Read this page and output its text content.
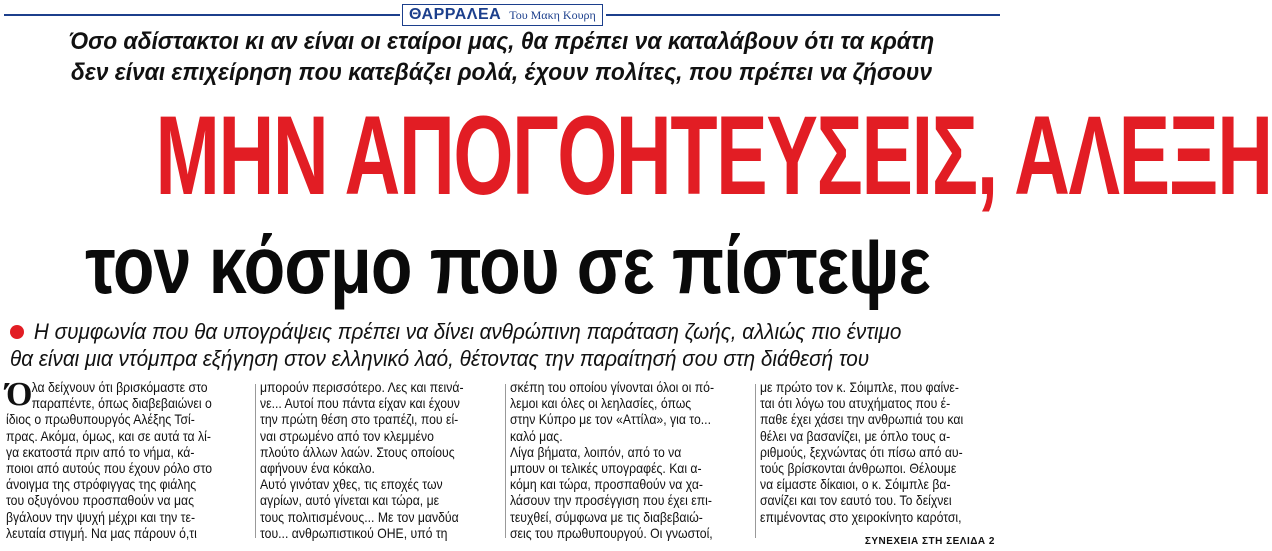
ΘΑΡΡΑΛΕΑ Του Μακη Κουρη
Όσο αδίστακτοι κι αν είναι οι εταίροι μας, θα πρέπει να καταλάβουν ότι τα κράτη
δεν είναι επιχείρηση που κατεβάζει ρολά, έχουν πολίτες, που πρέπει να ζήσουν
ΜΗΝ ΑΠΟΓΟΗΤΕΥΣΕΙΣ, ΑΛΕΞΗ
τον κόσμο που σε πίστεψε
Η συμφωνία που θα υπογράψεις πρέπει να δίνει ανθρώπινη παράταση ζωής, αλλιώς πιο έντιμο
θα είναι μια ντόμπρα εξήγηση στον ελληνικό λαό, θέτοντας την παραίτησή σου στη διάθεσή του
Ό λα δείχνουν ότι βρισκόμαστε στο
παραπέντε, όπως διαβεβαιώνει ο
ίδιος ο πρωθυπουργός Αλέξης Τσί-
πρας. Ακόμα, όμως, και σε αυτά τα λί-
γα εκατοστά πριν από το νήμα, κά-
ποιοι από αυτούς που έχουν ρόλο στο
άνοιγμα της στρόφιγγας της φιάλης
του οξυγόνου προσπαθούν να μας
βγάλουν την ψυχή μέχρι και την τε-
λευταία στιγμή. Να μας πάρουν ό,τι
μπορούν περισσότερο. Λες και πεινά-
νε... Αυτοί που πάντα είχαν και έχουν
την πρώτη θέση στο τραπέζι, που εί-
ναι στρωμένο από τον κλεμμένο
πλούτο άλλων λαών. Στους οποίους
αφήνουν ένα κόκαλο.
Αυτό γινόταν χθες, τις εποχές των
αγρίων, αυτό γίνεται και τώρα, με
τους πολιτισμένους... Με τον μανδύα
του... ανθρωπιστικού ΟΗΕ, υπό τη
σκέπη του οποίου γίνονται όλοι οι πό-
λεμοι και όλες οι λεηλασίες, όπως
στην Κύπρο με τον «Αττίλα», για το...
καλό μας.
Λίγα βήματα, λοιπόν, από το να
μπουν οι τελικές υπογραφές. Και α-
κόμη και τώρα, προσπαθούν να χα-
λάσουν την προσέγγιση που έχει επι-
τευχθεί, σύμφωνα με τις διαβεβαιώ-
σεις του πρωθυπουργού. Οι γνωστοί,
με πρώτο τον κ. Σόιμπλε, που φαίνε-
ται ότι λόγω του ατυχήματος που έ-
παθε έχει χάσει την ανθρωπιά του και
θέλει να βασανίζει, με όπλο τους α-
ριθμούς, ξεχνώντας ότι πίσω από αυ-
τούς βρίσκονται άνθρωποι. Θέλουμε
να είμαστε δίκαιοι, ο κ. Σόιμπλε βα-
σανίζει και τον εαυτό του. Το δείχνει
επιμένοντας στο χειροκίνητο καρότσι,
ΣΥΝΕΧΕΙΑ ΣΤΗ ΣΕΛΙΔΑ 2
